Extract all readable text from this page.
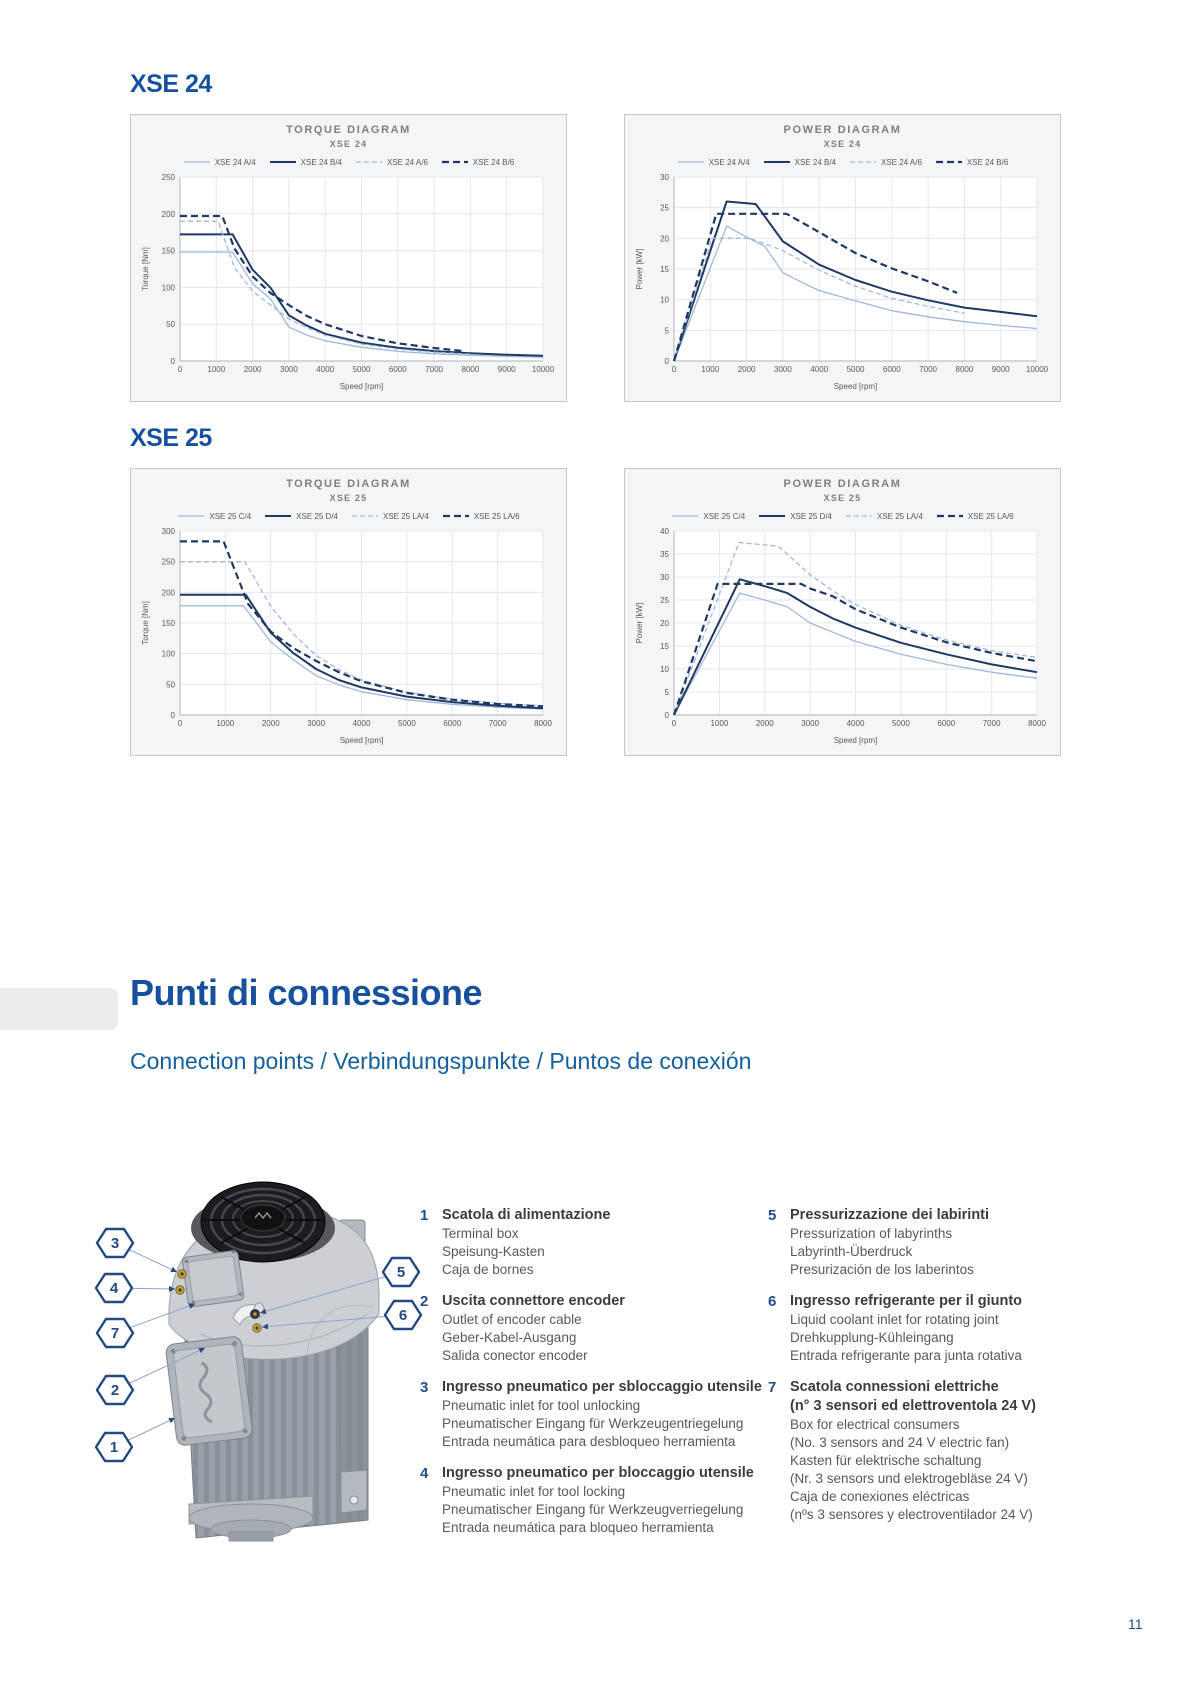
XSE 24
TORQUE DIAGRAM
XSE 24
XSE 24 A/4	XSE 24 B/4	XSE 24 A/6	XSE 24 B/6
0	1000 2000 3000 4000 5000 6000 7000 8000 9000 10000
0
50
100
150
200
250
Speed [rpm]
Torque [Nm]
POWER DIAGRAM
XSE 24
XSE 24 A/4	XSE 24 B/4	XSE 24 A/6	XSE 24 B/6
0	1000 2000 3000 4000 5000 6000 7000 8000 9000 10000
0
5
10
15
20
25
30
Speed [rpm]
Power [kW]
XSE 25
TORQUE DIAGRAM
XSE 25
XSE 25 C/4	XSE 25 D/4	XSE 25 LA/4	XSE 25 LA/6
0	1000	2000	3000	4000	5000	6000	7000	8000
0
50
100
150
200
250
300
Speed [rpm]
Torque [Nm]
POWER DIAGRAM
XSE 25
XSE 25 C/4	XSE 25 D/4	XSE 25 LA/4	XSE 25 LA/6
0	1000	2000	3000	4000	5000	6000	7000	8000
0
5
10
15
20
25
30
35
40
Speed [rpm]
Power [kW]
Punti di connessione
Connection points / Verbindungspunkte / Puntos de conexión
1
2
3
4
5
6
7
1 Scatola di alimentazione
Terminal box
Speisung-Kasten
Caja de bornes
2 Uscita connettore encoder
Outlet of encoder cable
Geber-Kabel-Ausgang
Salida conector encoder
3 Ingresso pneumatico per sbloccaggio utensile
Pneumatic inlet for tool unlocking
Pneumatischer Eingang für Werkzeugentriegelung
Entrada neumática para desbloqueo herramienta
4 Ingresso pneumatico per bloccaggio utensile
Pneumatic inlet for tool locking
Pneumatischer Eingang für Werkzeugverriegelung
Entrada neumática para bloqueo herramienta
5 Pressurizzazione dei labirinti
Pressurization of labyrinths
Labyrinth-Überdruck
Presurización de los laberintos
6 Ingresso refrigerante per il giunto
Liquid coolant inlet for rotating joint
Drehkupplung-Kühleingang
Entrada refrigerante para junta rotativa
7 Scatola connessioni elettriche
(n° 3 sensori ed elettroventola 24 V)
Box for electrical consumers
(No. 3 sensors and 24 V electric fan)
Kasten für elektrische schaltung
(Nr. 3 sensors und elektrogebläse 24 V)
Caja de conexiones eléctricas
(nºs 3 sensores y electroventilador 24 V)
11
